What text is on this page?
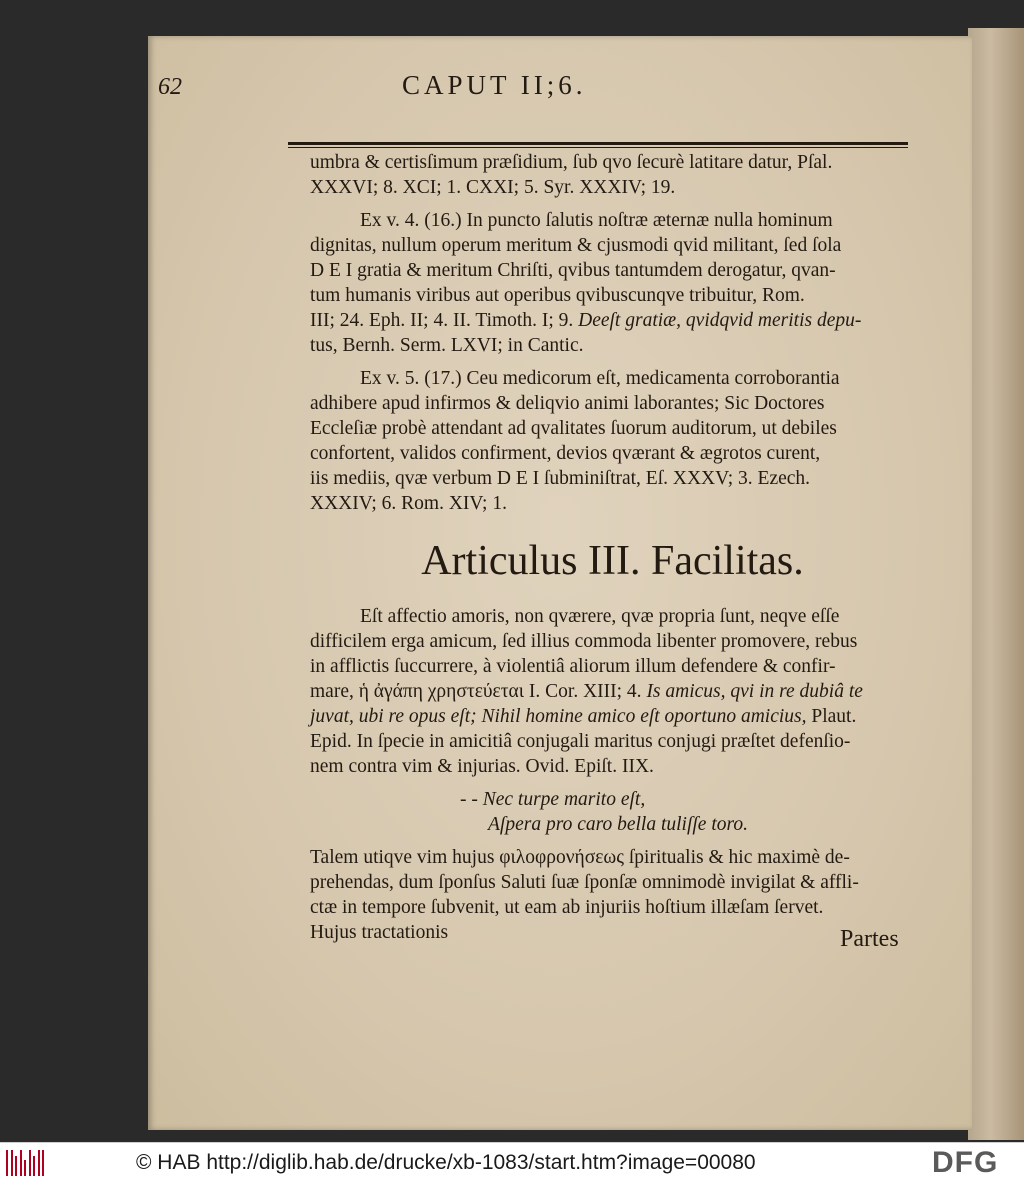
62	CAPUT II;6.

umbra & certisſimum præſidium, ſub qvo ſecurè latitare datur, Pſal.

XXXVI; 8. XCI; 1. CXXI; 5. Syr. XXXIV; 19.

Ex v. 4. (16.) In puncto ſalutis noſtræ æternæ nulla hominum

dignitas, nullum operum meritum & cjusmodi qvid militant, ſed ſola

D E I gratia & meritum Chriſti, qvibus tantumdem derogatur, qvan-

tum humanis viribus aut operibus qvibuscunqve tribuitur, Rom.

III; 24. Eph. II; 4. II. Timoth. I; 9. Deeſt gratiæ, qvidqvid meritis depu-

tus, Bernh. Serm. LXVI; in Cantic.

Ex v. 5. (17.) Ceu medicorum eſt, medicamenta corroborantia

adhibere apud infirmos & deliqvio animi laborantes; Sic Doctores

Eccleſiæ probè attendant ad qvalitates ſuorum auditorum, ut debiles

confortent, validos confirment, devios qværant & ægrotos curent,

iis mediis, qvæ verbum D E I ſubminiſtrat, Eſ. XXXV; 3. Ezech.

XXXIV; 6. Rom. XIV; 1.

Articulus III. Facilitas.

Eſt affectio amoris, non qværere, qvæ propria ſunt, neqve eſſe

difficilem erga amicum, ſed illius commoda libenter promovere, rebus

in afflictis ſuccurrere, à violentiâ aliorum illum defendere & confir-

mare, ἡ ἀγάπη χρηστεύεται I. Cor. XIII; 4. Is amicus, qvi in re dubiâ te

juvat, ubi re opus eſt; Nihil homine amico eſt oportuno amicius, Plaut.

Epid. In ſpecie in amicitiâ conjugali maritus conjugi præſtet defenſio-

nem contra vim & injurias. Ovid. Epiſt. IIX.

- - Nec turpe marito eſt,

Aſpera pro caro bella tuliſſe toro.

Talem utiqve vim hujus φιλοφρονήσεως ſpiritualis & hic maximè de-

prehendas, dum ſponſus Saluti ſuæ ſponſæ omnimodè invigilat & affli-

ctæ in tempore ſubvenit, ut eam ab injuriis hoſtium illæſam ſervet.

Hujus tractationis	Partes
© HAB http://diglib.hab.de/drucke/xb-1083/start.htm?image=00080	DFG
